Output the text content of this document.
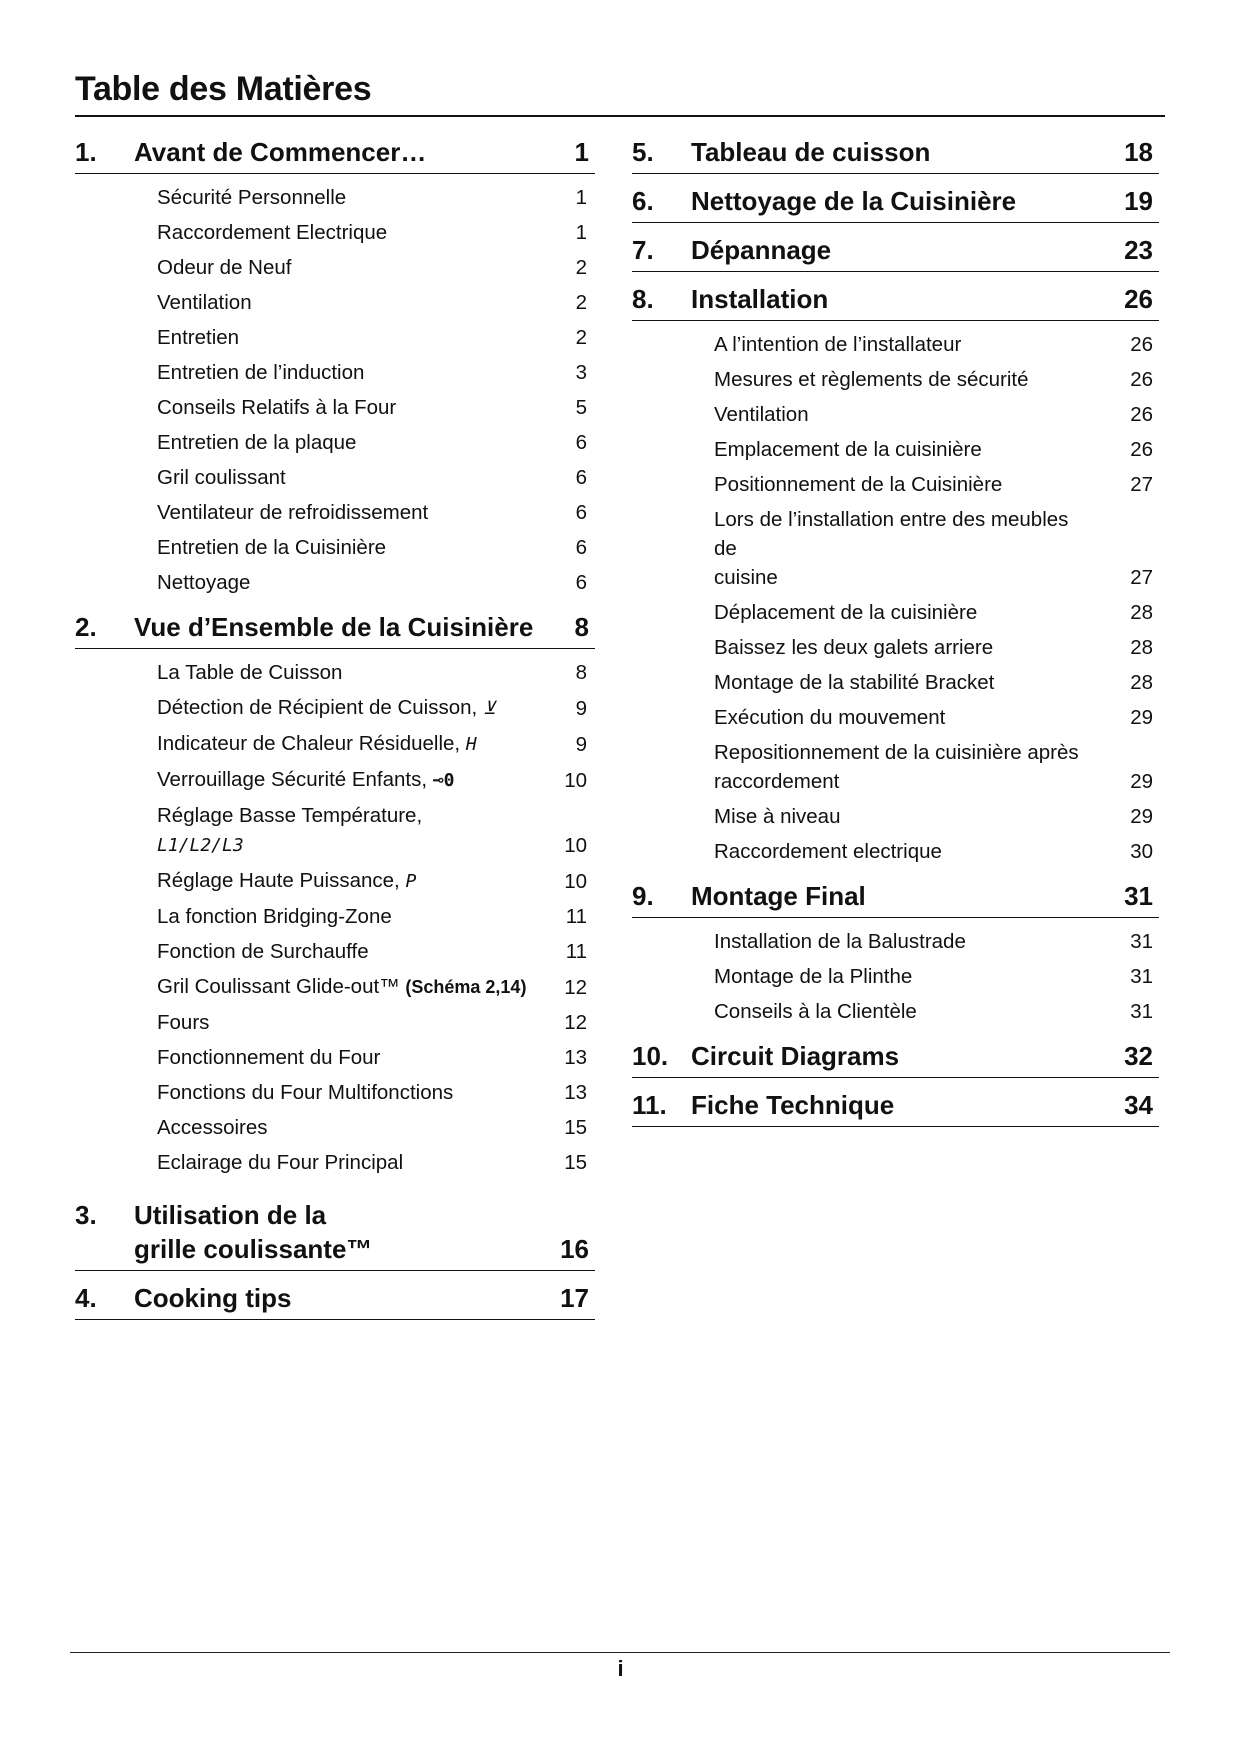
Table des Matières
1.	Avant de Commencer…	1
Sécurité Personnelle	1
Raccordement Electrique	1
Odeur de Neuf	2
Ventilation	2
Entretien	2
Entretien de l’induction	3
Conseils Relatifs à la Four	5
Entretien de la plaque	6
Gril coulissant	6
Ventilateur de refroidissement	6
Entretien de la Cuisinière	6
Nettoyage	6
2.	Vue d’Ensemble de la Cuisinière	8
La Table de Cuisson	8
Détection de Récipient de Cuisson, ⊻	9
Indicateur de Chaleur Résiduelle, H	9
Verrouillage Sécurité Enfants, ⊸0	10
Réglage Basse Température,
L1/L2/L3	10
Réglage Haute Puissance, P	10
La fonction Bridging-Zone	11
Fonction de Surchauffe	11
Gril Coulissant Glide-out™ (Schéma 2,14)	12
Fours	12
Fonctionnement du Four	13
Fonctions du Four Multifonctions	13
Accessoires	15
Eclairage du Four Principal	15
3.	Utilisation de la
grille coulissante™	16
4.	Cooking tips	17
5.	Tableau de cuisson	18
6.	Nettoyage de la Cuisinière	19
7.	Dépannage	23
8.	Installation	26
A l’intention de l’installateur	26
Mesures et règlements de sécurité	26
Ventilation	26
Emplacement de la cuisinière	26
Positionnement de la Cuisinière	27
Lors de l’installation entre des meubles de
cuisine	27
Déplacement de la cuisinière	28
Baissez les deux galets arriere	28
Montage de la stabilité Bracket	28
Exécution du mouvement	29
Repositionnement de la cuisinière après
raccordement	29
Mise à niveau	29
Raccordement electrique	30
9.	Montage Final	31
Installation de la Balustrade	31
Montage de la Plinthe	31
Conseils à la Clientèle	31
10. Circuit Diagrams	32
11. Fiche Technique	34
i
